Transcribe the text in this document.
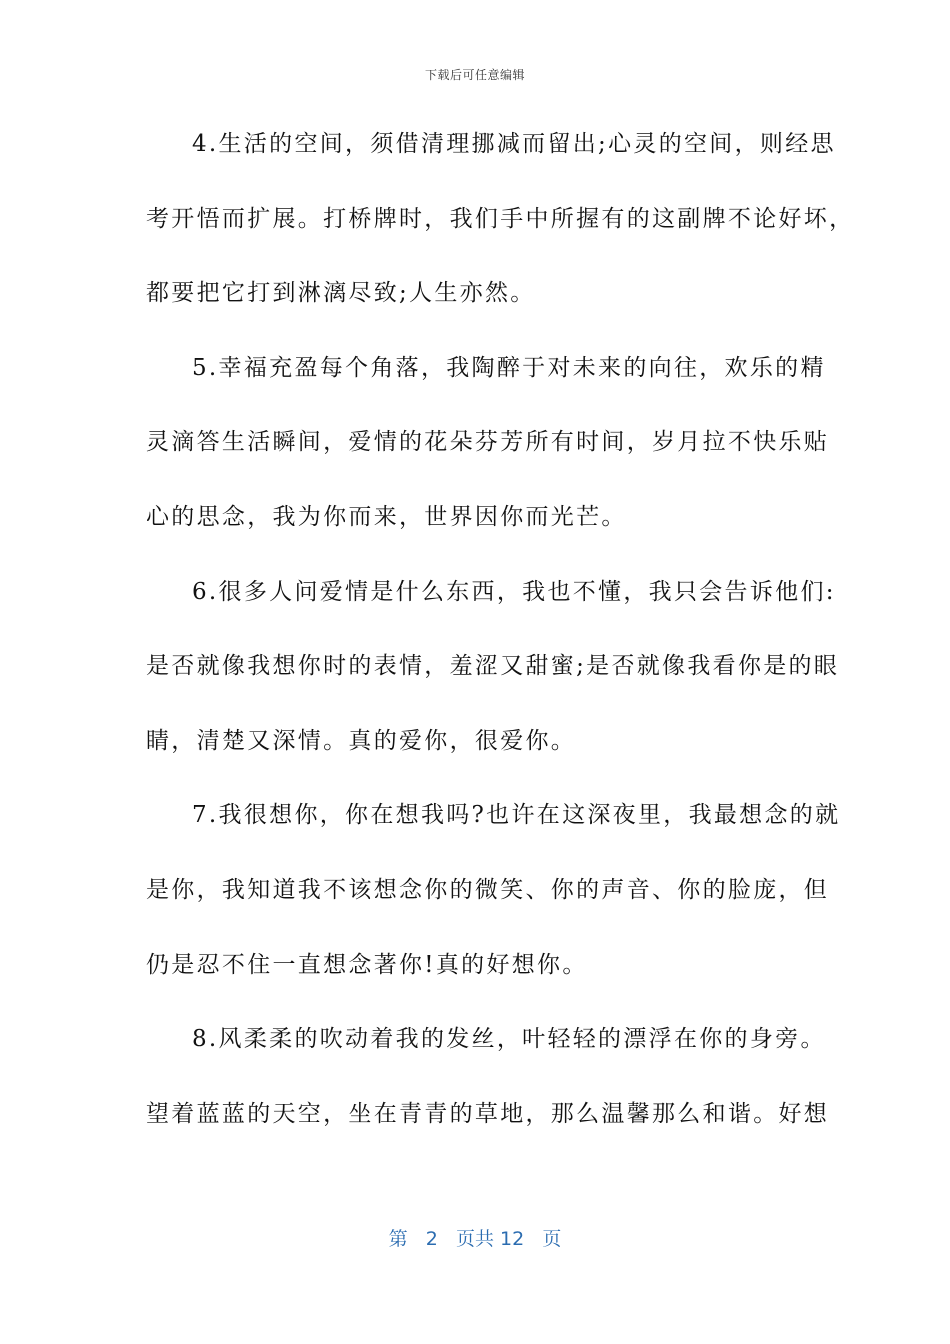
下载后可任意编辑
4.生活的空间，须借清理挪减而留出;心灵的空间，则经思
考开悟而扩展。打桥牌时，我们手中所握有的这副牌不论好坏，
都要把它打到淋漓尽致;人生亦然。
5.幸福充盈每个角落，我陶醉于对未来的向往，欢乐的精
灵滴答生活瞬间，爱情的花朵芬芳所有时间，岁月拉不快乐贴
心的思念，我为你而来，世界因你而光芒。
6.很多人问爱情是什么东西，我也不懂，我只会告诉他们:
是否就像我想你时的表情，羞涩又甜蜜;是否就像我看你是的眼
睛，清楚又深情。真的爱你，很爱你。
7.我很想你，你在想我吗?也许在这深夜里，我最想念的就
是你，我知道我不该想念你的微笑、你的声音、你的脸庞，但
仍是忍不住一直想念著你!真的好想你。
8.风柔柔的吹动着我的发丝，叶轻轻的漂浮在你的身旁。
望着蓝蓝的天空，坐在青青的草地，那么温馨那么和谐。好想
第 2 页共 12 页
